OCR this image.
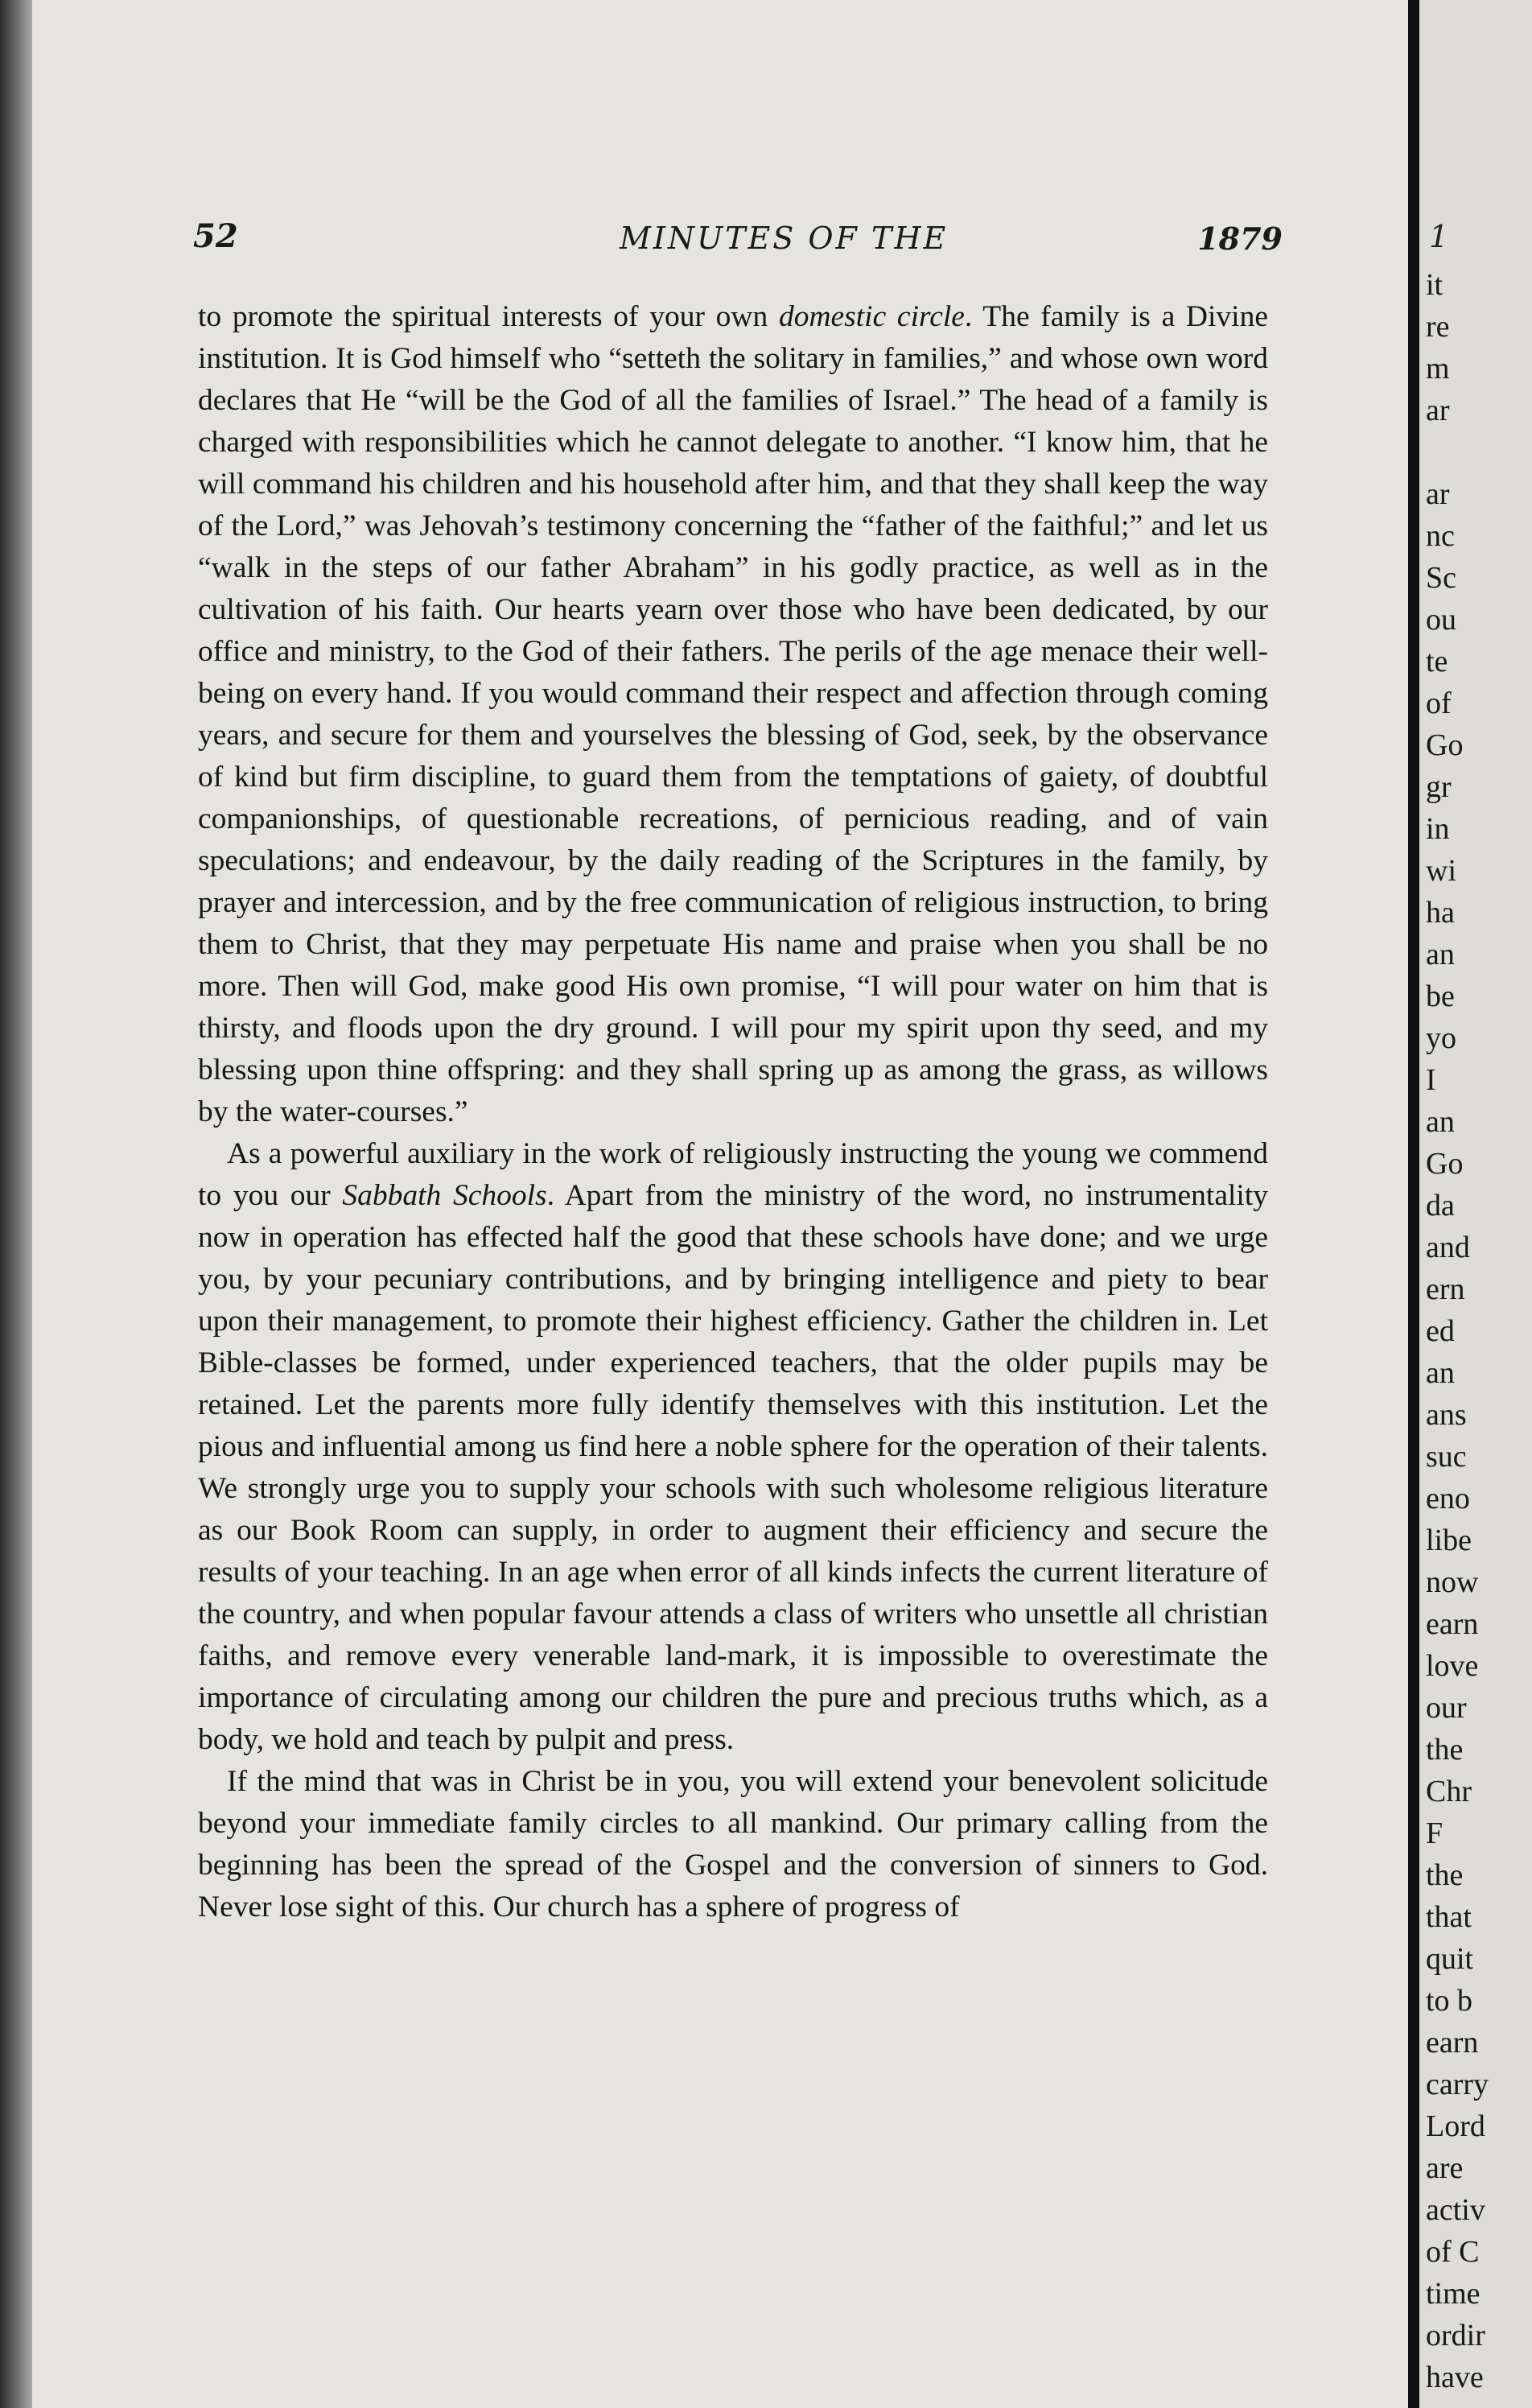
52	MINUTES OF THE	1879

to promote the spiritual interests of your own domestic circle. The family is a Divine institution. It is God himself who “setteth the solitary in families,” and whose own word declares that He “will be the God of all the families of Israel.” The head of a family is charged with responsibilities which he cannot delegate to another. “I know him, that he will command his children and his household after him, and that they shall keep the way of the Lord,” was Jehovah’s testimony concerning the “father of the faithful;” and let us “walk in the steps of our father Abraham” in his godly practice, as well as in the cultivation of his faith. Our hearts yearn over those who have been dedicated, by our office and ministry, to the God of their fathers. The perils of the age menace their well-being on every hand. If you would command their respect and affection through coming years, and secure for them and yourselves the blessing of God, seek, by the observance of kind but firm discipline, to guard them from the temptations of gaiety, of doubtful companionships, of questionable recreations, of pernicious reading, and of vain speculations; and endeavour, by the daily reading of the Scriptures in the family, by prayer and intercession, and by the free communication of religious instruction, to bring them to Christ, that they may perpetuate His name and praise when you shall be no more. Then will God, make good His own promise, “I will pour water on him that is thirsty, and floods upon the dry ground. I will pour my spirit upon thy seed, and my blessing upon thine offspring: and they shall spring up as among the grass, as willows by the water-courses.”

As a powerful auxiliary in the work of religiously instructing the young we commend to you our Sabbath Schools. Apart from the ministry of the word, no instrumentality now in operation has effected half the good that these schools have done; and we urge you, by your pecuniary contributions, and by bringing intelligence and piety to bear upon their management, to promote their highest efficiency. Gather the children in. Let Bible-classes be formed, under experienced teachers, that the older pupils may be retained. Let the parents more fully identify themselves with this institution. Let the pious and influential among us find here a noble sphere for the operation of their talents. We strongly urge you to supply your schools with such wholesome religious literature as our Book Room can supply, in order to augment their efficiency and secure the results of your teaching. In an age when error of all kinds infects the current literature of the country, and when popular favour attends a class of writers who unsettle all christian faiths, and remove every venerable land-mark, it is impossible to overestimate the importance of circulating among our children the pure and precious truths which, as a body, we hold and teach by pulpit and press.

If the mind that was in Christ be in you, you will extend your benevolent solicitude beyond your immediate family circles to all mankind. Our primary calling from the beginning has been the spread of the Gospel and the conversion of sinners to God. Never lose sight of this. Our church has a sphere of progress of

1
it
re
m
ar

ar
nc
Sc
ou
te
of
Go
gr
in
wi
ha
an
be
yo
I
an
Go
da
and
ern
ed
an
ans
suc
eno
libe
now
earn
love
our
the
Chr
F
the
that
quit
to b
earn
carry
Lord
are
activ
of C
time
ordir
have
